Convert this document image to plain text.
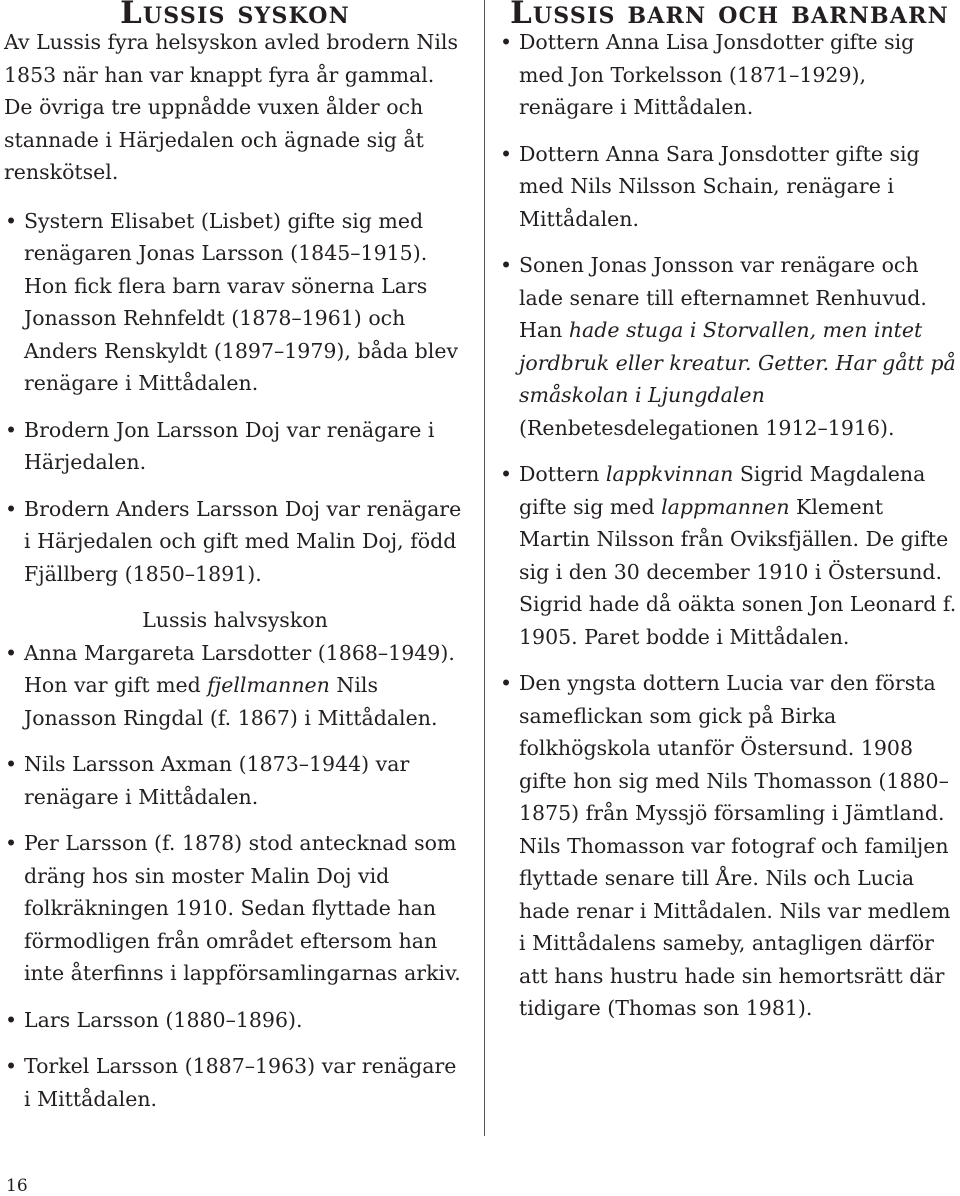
Lussis syskon

Av Lussis fyra helsyskon avled brodern Nils 1853 när han var knappt fyra år gammal. De övriga tre uppnådde vuxen ålder och stannade i Härjedalen och ägnade sig åt renskötsel.

• Systern Elisabet (Lisbet) gifte sig med renägaren Jonas Larsson (1845–1915). Hon fick flera barn varav sönerna Lars Jonasson Rehnfeldt (1878–1961) och Anders Renskyldt (1897–1979), båda blev renägare i Mittådalen.
• Brodern Jon Larsson Doj var renägare i Härjedalen.
• Brodern Anders Larsson Doj var renägare i Härjedalen och gift med Malin Doj, född Fjällberg (1850–1891).
Lussis halvsyskon
• Anna Margareta Larsdotter (1868–1949).
Hon var gift med fjellmannen Nils Jonasson Ringdal (f. 1867) i Mittådalen.
• Nils Larsson Axman (1873–1944) var renägare i Mittådalen.
• Per Larsson (f. 1878) stod antecknad som dräng hos sin moster Malin Doj vid folkräkningen 1910. Sedan flyttade han förmodligen från området eftersom han inte återfinns i lappförsamlingarnas arkiv.
• Lars Larsson (1880–1896).
• Torkel Larsson (1887–1963) var renägare i Mittådalen.
Lussis barn och barnbarn
• Dottern Anna Lisa Jonsdotter gifte sig med Jon Torkelsson (1871–1929), renägare i Mittådalen.
• Dottern Anna Sara Jonsdotter gifte sig med Nils Nilsson Schain, renägare i Mittådalen.
• Sonen Jonas Jonsson var renägare och lade senare till efternamnet Renhuvud. Han hade stuga i Storvallen, men intet jordbruk eller kreatur. Getter. Har gått på småskolan i Ljungdalen (Renbetesdelegationen 1912–1916).
• Dottern lappkvinnan Sigrid Magdalena gifte sig med lappmannen Klement Martin Nilsson från Oviksfjällen. De gifte sig i den 30 december 1910 i Östersund. Sigrid hade då oäkta sonen Jon Leonard f. 1905. Paret bodde i Mittådalen.
• Den yngsta dottern Lucia var den första sameflickan som gick på Birka folkhögskola utanför Östersund. 1908 gifte hon sig med Nils Thomasson (1880–1875) från Myssjö församling i Jämtland. Nils Thomasson var fotograf och familjen flyttade senare till Åre. Nils och Lucia hade renar i Mittådalen. Nils var medlem i Mittådalens sameby, antagligen därför att hans hustru hade sin hemortsrätt där tidigare (Thomas son 1981).
16
